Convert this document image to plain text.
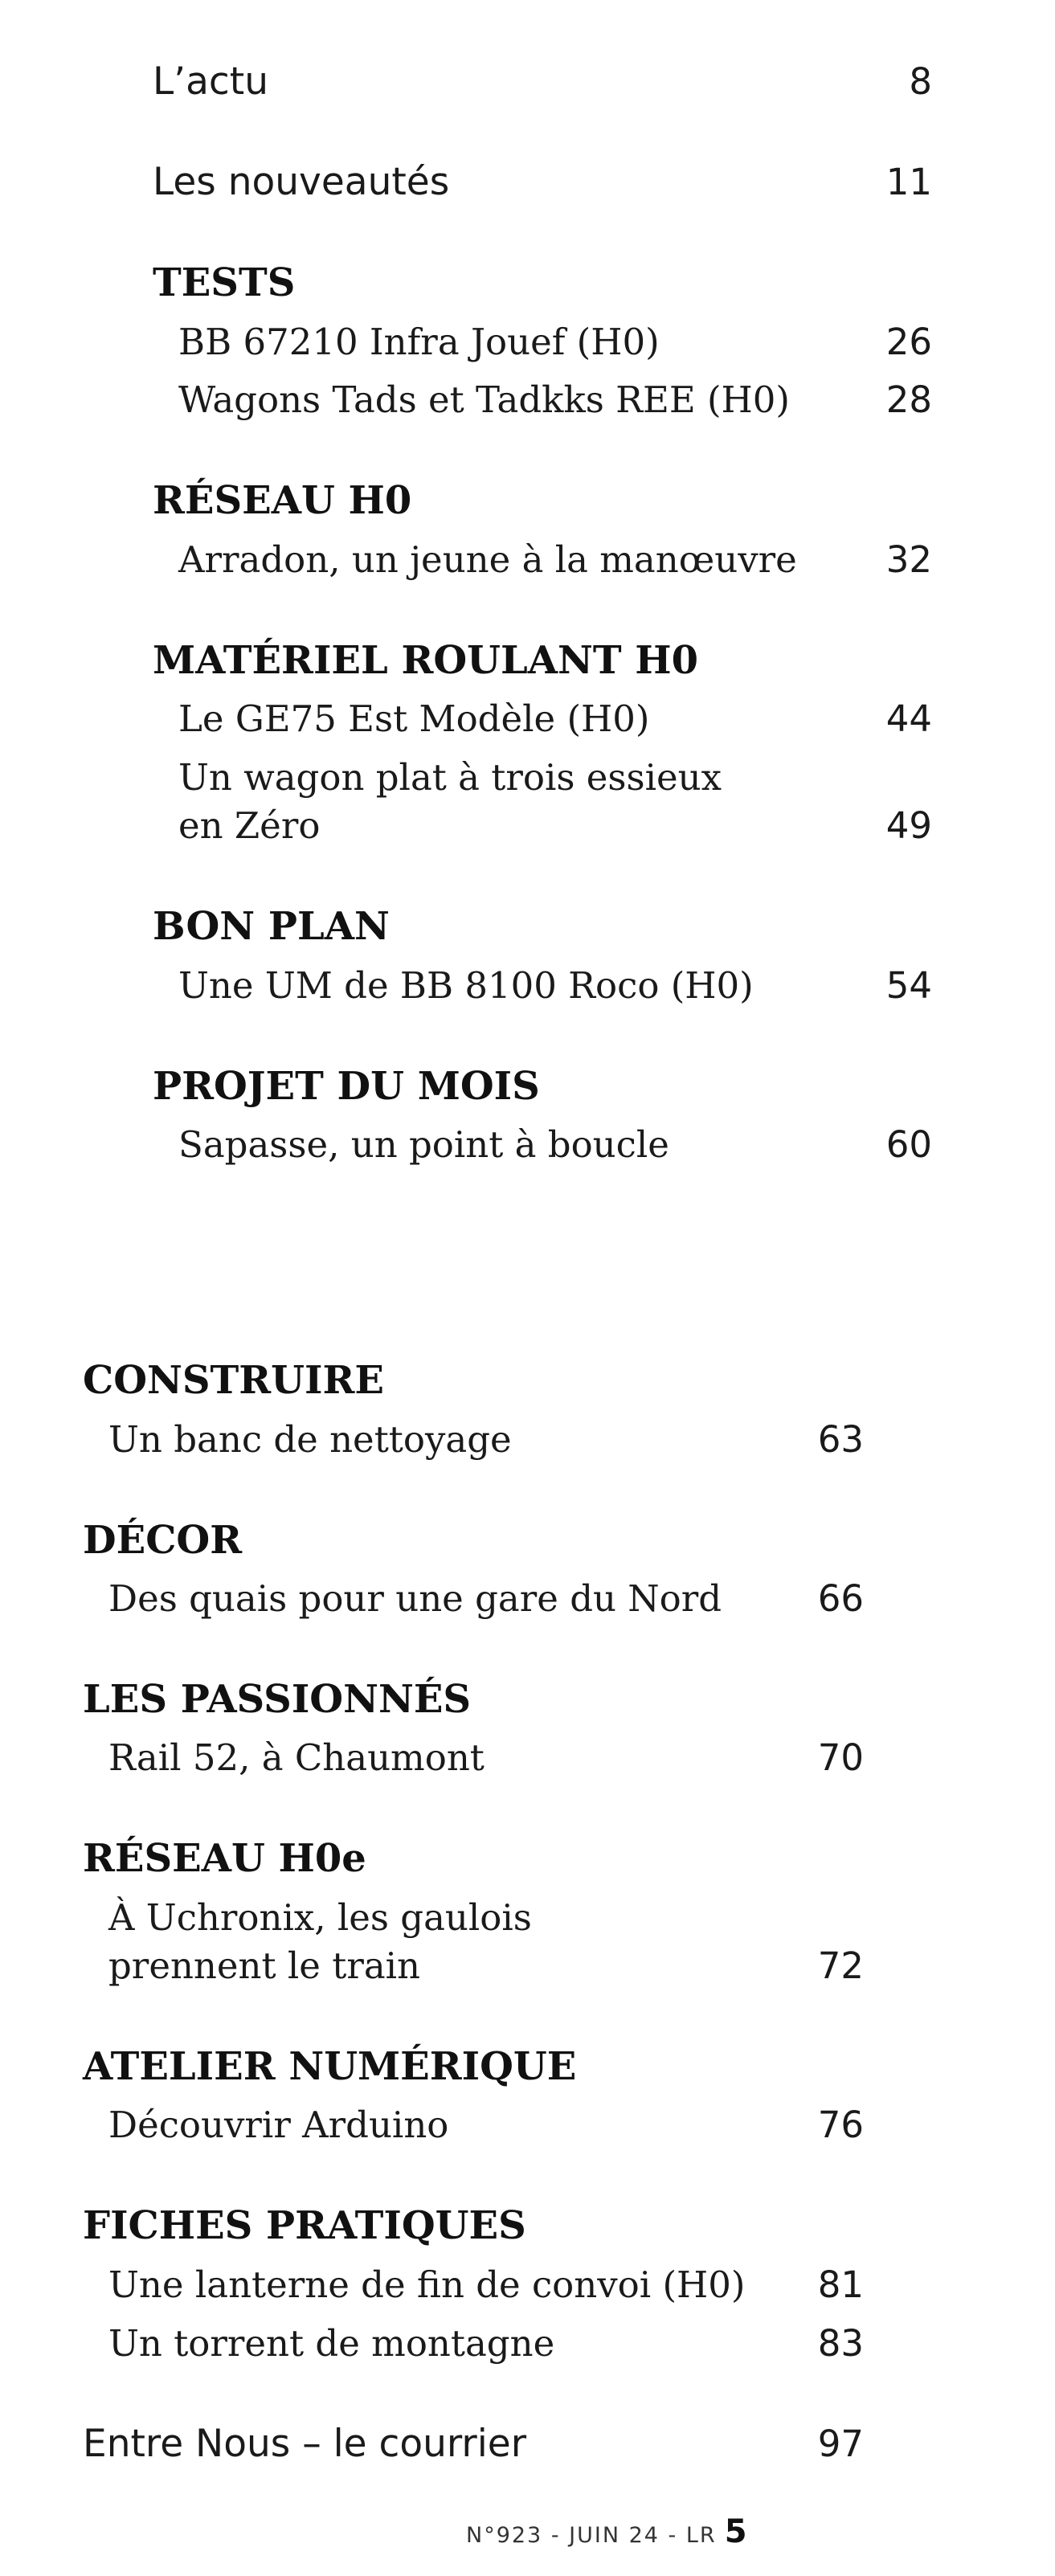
L’actu	8
Les nouveautés	11
TESTS
BB 67210 Infra Jouef (H0)	26
Wagons Tads et Tadkks REE (H0)	28
RÉSEAU H0
Arradon, un jeune à la manœuvre	32
MATÉRIEL ROULANT H0
Le GE75 Est Modèle (H0)	44
Un wagon plat à trois essieux
en Zéro	49
BON PLAN
Une UM de BB 8100 Roco (H0)	54
PROJET DU MOIS
Sapasse, un point à boucle	60
CONSTRUIRE
Un banc de nettoyage	63
DÉCOR
Des quais pour une gare du Nord	66
LES PASSIONNÉS
Rail 52, à Chaumont	70
RÉSEAU H0e
À Uchronix, les gaulois
prennent le train	72
ATELIER NUMÉRIQUE
Découvrir Arduino	76
FICHES PRATIQUES
Une lanterne de fin de convoi (H0)	81
Un torrent de montagne	83
Entre Nous – le courrier	97
N°923 - JUIN 24 - LR 5
